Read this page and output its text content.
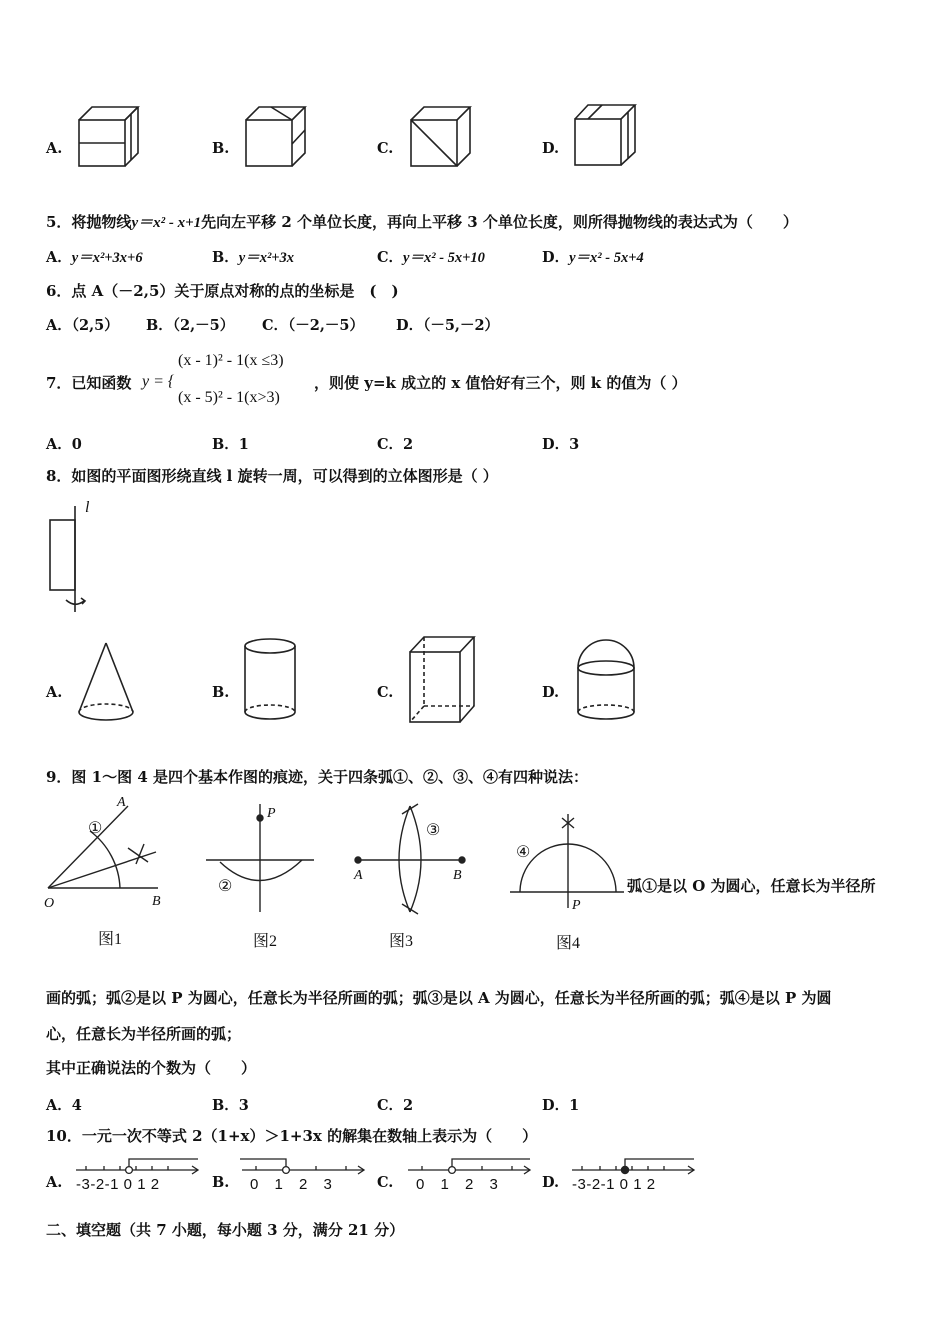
A.	B.	C.	D.
5．将抛物线y＝x² - x+1先向左平移 2 个单位长度，再向上平移 3 个单位长度，则所得抛物线的表达式为（　　）
A．y＝x²+3x+6	B．y＝x²+3x	C．y＝x² - 5x+10	D．y＝x² - 5x+4
6．点 A（－2,5）关于原点对称的点的坐标是　(　)
A．（2,5） B．（2,－5） C．（－2,－5） D．（－5,－2）
7．已知函数 y = {
(x - 1)² - 1(x ≤3)
(x - 5)² - 1(x>3)
，则使 y=k 成立的 x 值恰好有三个，则 k 的值为（ ）
A．0	B．1	C．2	D．3
8．如图的平面图形绕直线 l 旋转一周，可以得到的立体图形是（ ）
l
A.	B.	C.	D.
9．图 1～图 4 是四个基本作图的痕迹，关于四条弧①、②、③、④有四种说法：
A
①
O	B
图1
P
②
图2
③
A	B
图3
④
P
图4
弧①是以 O 为圆心，任意长为半径所
画的弧；弧②是以 P 为圆心，任意长为半径所画的弧；弧③是以 A 为圆心，任意长为半径所画的弧；弧④是以 P 为圆
心，任意长为半径所画的弧；
其中正确说法的个数为（　　）
A．4	B．3	C．2	D．1
10．一元一次不等式 2（1+x）＞1+3x 的解集在数轴上表示为（　　）
A. -3-2-1 0 1 2	B. 0 1 2 3	C. 0 1 2 3	D. -3-2-1 0 1 2
二、填空题（共 7 小题，每小题 3 分，满分 21 分）
